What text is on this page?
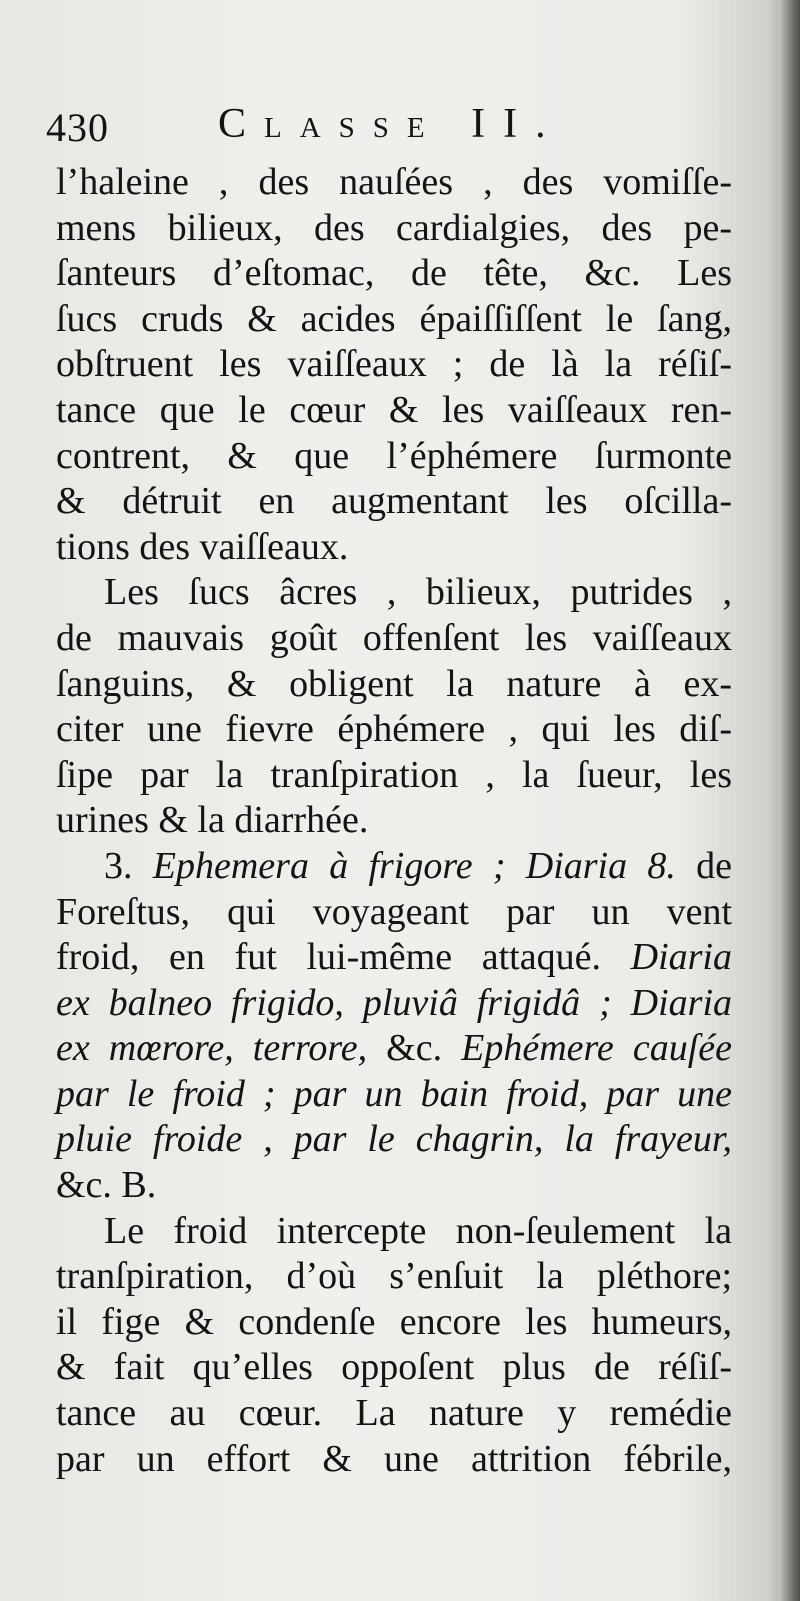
430	Classe II.
l’haleine , des nauſées , des vomiſſe-
mens bilieux, des cardialgies, des pe-
ſanteurs d’eſtomac, de tête, &c. Les
ſucs cruds & acides épaiſſiſſent le ſang,
obſtruent les vaiſſeaux ; de là la réſiſ-
tance que le cœur & les vaiſſeaux ren-
contrent, & que l’éphémere ſurmonte
& détruit en augmentant les oſcilla-
tions des vaiſſeaux.
Les ſucs âcres , bilieux, putrides ,
de mauvais goût offenſent les vaiſſeaux
ſanguins, & obligent la nature à ex-
citer une fievre éphémere , qui les diſ-
ſipe par la tranſpiration , la ſueur, les
urines & la diarrhée.
3. Ephemera à frigore ; Diaria 8. de
Foreſtus, qui voyageant par un vent
froid, en fut lui-même attaqué. Diaria
ex balneo frigido, pluviâ frigidâ ; Diaria
ex mœrore, terrore, &c. Ephémere cauſée
par le froid ; par un bain froid, par une
pluie froide , par le chagrin, la frayeur,
&c. B.
Le froid intercepte non-ſeulement la
tranſpiration, d’où s’enſuit la pléthore;
il fige & condenſe encore les humeurs,
& fait qu’elles oppoſent plus de réſiſ-
tance au cœur. La nature y remédie
par un effort & une attrition fébrile,
